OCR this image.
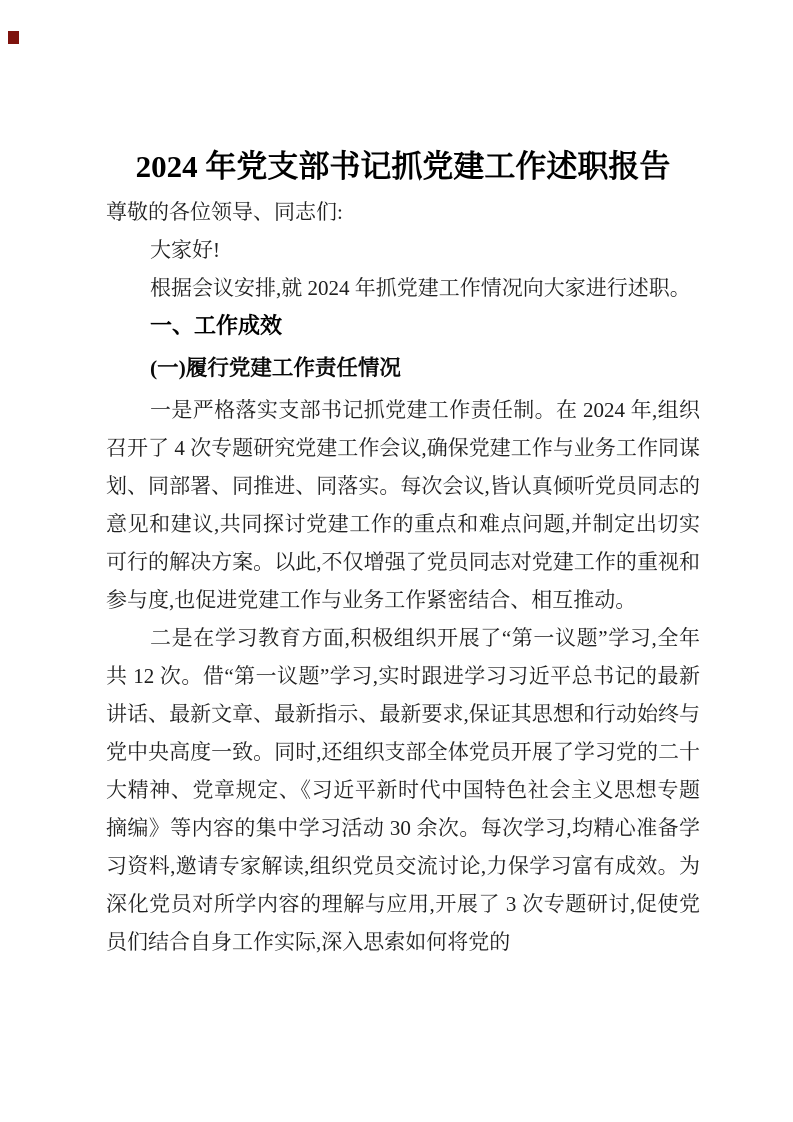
2024 年党支部书记抓党建工作述职报告

尊敬的各位领导、同志们:

大家好!

根据会议安排,就 2024 年抓党建工作情况向大家进行述职。

一、工作成效

(一)履行党建工作责任情况

一是严格落实支部书记抓党建工作责任制。在 2024 年,组织召开了 4 次专题研究党建工作会议,确保党建工作与业务工作同谋划、同部署、同推进、同落实。每次会议,皆认真倾听党员同志的意见和建议,共同探讨党建工作的重点和难点问题,并制定出切实可行的解决方案。以此,不仅增强了党员同志对党建工作的重视和参与度,也促进党建工作与业务工作紧密结合、相互推动。

二是在学习教育方面,积极组织开展了“第一议题”学习,全年共 12 次。借“第一议题”学习,实时跟进学习习近平总书记的最新讲话、最新文章、最新指示、最新要求,保证其思想和行动始终与党中央高度一致。同时,还组织支部全体党员开展了学习党的二十大精神、党章规定、《习近平新时代中国特色社会主义思想专题摘编》等内容的集中学习活动 30 余次。每次学习,均精心准备学习资料,邀请专家解读,组织党员交流讨论,力保学习富有成效。为深化党员对所学内容的理解与应用,开展了 3 次专题研讨,促使党员们结合自身工作实际,深入思索如何将党的
